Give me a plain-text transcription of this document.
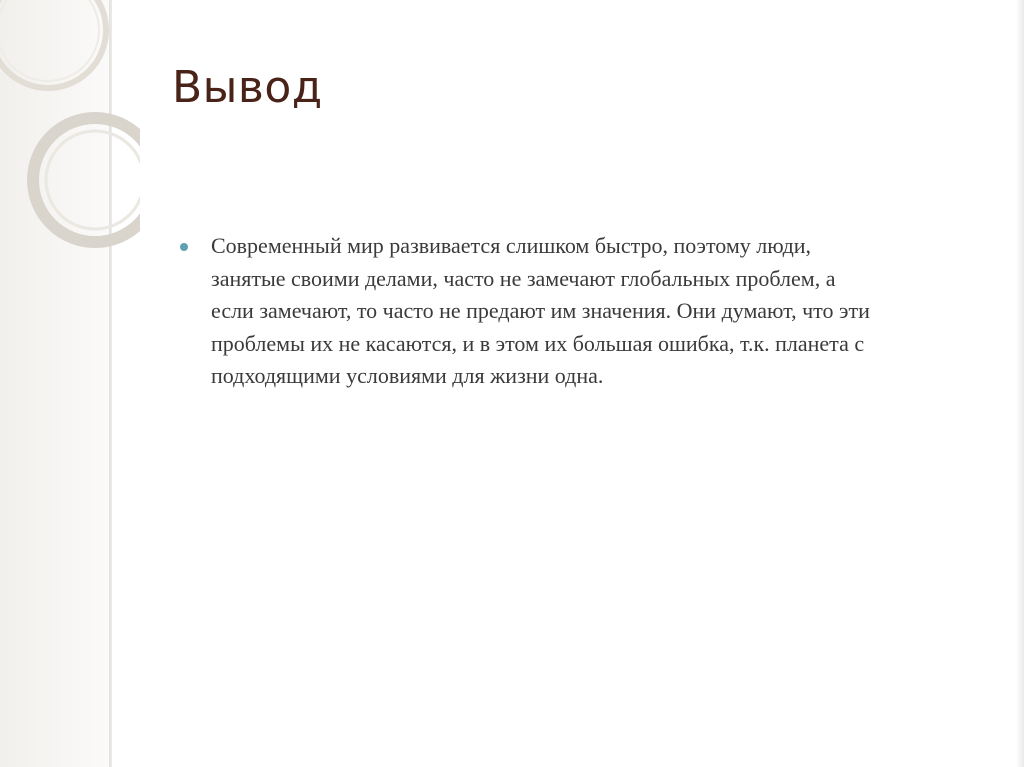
Вывод
Современный мир развивается слишком быстро, поэтому люди,
занятые своими делами, часто не замечают глобальных проблем, а
если замечают, то часто не предают им значения. Они думают, что эти
проблемы их не касаются, и в этом их большая ошибка, т.к. планета с
подходящими условиями для жизни одна.
